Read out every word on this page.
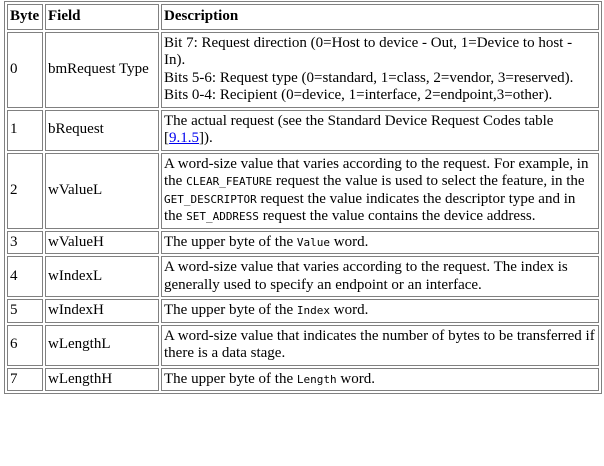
Byte	Field	Description
0	bmRequest Type	Bit 7: Request direction (0=Host to device - Out, 1=Device to host - In).
Bits 5-6: Request type (0=standard, 1=class, 2=vendor, 3=reserved).
Bits 0-4: Recipient (0=device, 1=interface, 2=endpoint,3=other).

1	bRequest	The actual request (see the Standard Device Request Codes table [9.1.5]).
2	wValueL	A word-size value that varies according to the request. For example, in the CLEAR_FEATURE request the value is used to select the feature, in the GET_DESCRIPTOR request the value indicates the descriptor type and in the SET_ADDRESS request the value contains the device address.
3	wValueH	The upper byte of the Value word.
4	wIndexL	A word-size value that varies according to the request. The index is generally used to specify an endpoint or an interface.
5	wIndexH	The upper byte of the Index word.
6	wLengthL	A word-size value that indicates the number of bytes to be transferred if there is a data stage.
7	wLengthH	The upper byte of the Length word.
